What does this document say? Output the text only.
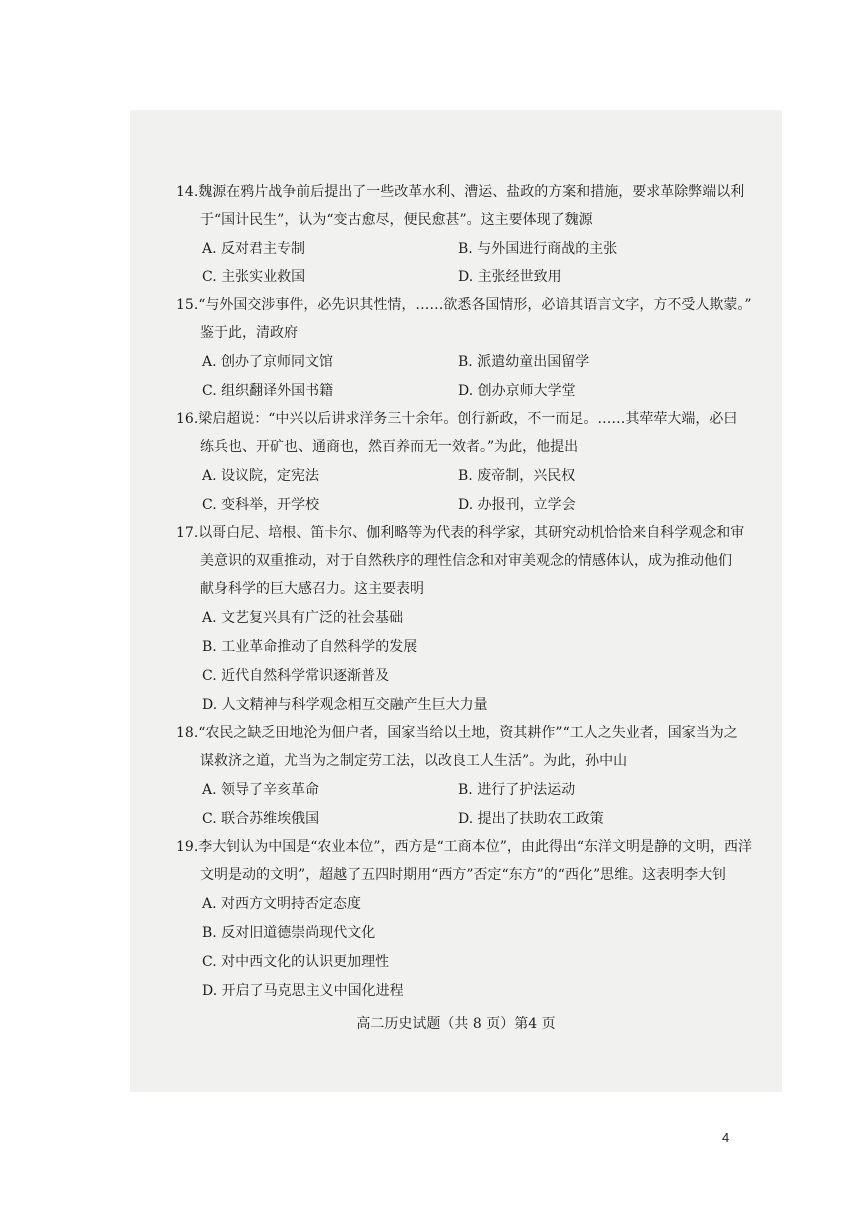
14.魏源在鸦片战争前后提出了一些改革水利、漕运、盐政的方案和措施，要求革除弊端以利
于“国计民生”，认为“变古愈尽，便民愈甚”。这主要体现了魏源
A. 反对君主专制	B. 与外国进行商战的主张
C. 主张实业救国	D. 主张经世致用
15.“与外国交涉事件，必先识其性情，……欲悉各国情形，必谙其语言文字，方不受人欺蒙。”
鉴于此，清政府
A. 创办了京师同文馆	B. 派遣幼童出国留学
C. 组织翻译外国书籍	D. 创办京师大学堂
16.梁启超说：“中兴以后讲求洋务三十余年。创行新政，不一而足。……其荦荦大端，必曰
练兵也、开矿也、通商也，然百养而无一效者。”为此，他提出
A. 设议院，定宪法	B. 废帝制，兴民权
C. 变科举，开学校	D. 办报刊，立学会
17.以哥白尼、培根、笛卡尔、伽利略等为代表的科学家，其研究动机恰恰来自科学观念和审
美意识的双重推动，对于自然秩序的理性信念和对审美观念的情感体认，成为推动他们
献身科学的巨大感召力。这主要表明
A. 文艺复兴具有广泛的社会基础
B. 工业革命推动了自然科学的发展
C. 近代自然科学常识逐渐普及
D. 人文精神与科学观念相互交融产生巨大力量
18.“农民之缺乏田地沦为佃户者，国家当给以土地，资其耕作”“工人之失业者，国家当为之
谋救济之道，尤当为之制定劳工法，以改良工人生活”。为此，孙中山
A. 领导了辛亥革命	B. 进行了护法运动
C. 联合苏维埃俄国	D. 提出了扶助农工政策
19.李大钊认为中国是“农业本位”，西方是“工商本位”，由此得出“东洋文明是静的文明，西洋
文明是动的文明”，超越了五四时期用“西方”否定“东方”的“西化”思维。这表明李大钊
A. 对西方文明持否定态度
B. 反对旧道德崇尚现代文化
C. 对中西文化的认识更加理性
D. 开启了马克思主义中国化进程
高二历史试题（共 8 页）第4 页
4
